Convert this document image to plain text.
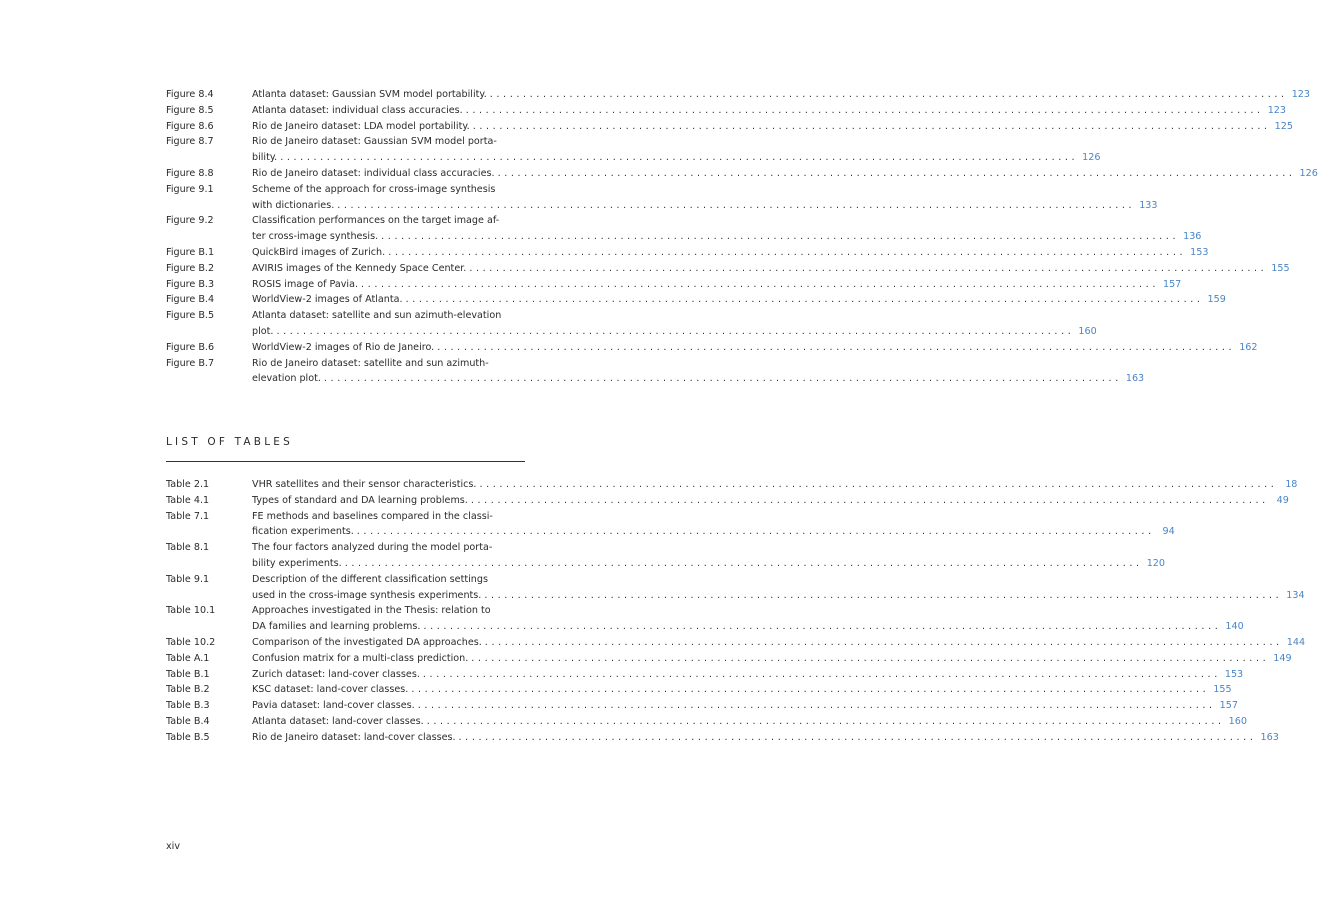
Figure 8.4	Atlanta dataset: Gaussian SVM model portability. ........................................................................................................................ 123
Figure 8.5	Atlanta dataset: individual class accuracies. ........................................................................................................................ 123
Figure 8.6	Rio de Janeiro dataset: LDA model portability. ........................................................................................................................ 125
Figure 8.7	Rio de Janeiro dataset: Gaussian SVM model porta-
bility. ........................................................................................................................ 126
Figure 8.8	Rio de Janeiro dataset: individual class accuracies. ........................................................................................................................ 126
Figure 9.1	Scheme of the approach for cross-image synthesis
with dictionaries. ........................................................................................................................ 133
Figure 9.2	Classification performances on the target image af-
ter cross-image synthesis. ........................................................................................................................ 136
Figure B.1	QuickBird images of Zurich. ........................................................................................................................ 153
Figure B.2	AVIRIS images of the Kennedy Space Center. ........................................................................................................................ 155
Figure B.3	ROSIS image of Pavia. ........................................................................................................................ 157
Figure B.4	WorldView-2 images of Atlanta. ........................................................................................................................ 159
Figure B.5	Atlanta dataset: satellite and sun azimuth-elevation
plot. ........................................................................................................................ 160
Figure B.6	WorldView-2 images of Rio de Janeiro. ........................................................................................................................ 162
Figure B.7	Rio de Janeiro dataset: satellite and sun azimuth-
elevation plot. ........................................................................................................................ 163
LIST OF TABLES
Table 2.1	VHR satellites and their sensor characteristics. ........................................................................................................................ 18
Table 4.1	Types of standard and DA learning problems. ........................................................................................................................ 49
Table 7.1	FE methods and baselines compared in the classi-
fication experiments. ........................................................................................................................ 94
Table 8.1	The four factors analyzed during the model porta-
bility experiments. ........................................................................................................................ 120
Table 9.1	Description of the different classification settings
used in the cross-image synthesis experiments. ........................................................................................................................ 134
Table 10.1	Approaches investigated in the Thesis: relation to
DA families and learning problems. ........................................................................................................................ 140
Table 10.2	Comparison of the investigated DA approaches. ........................................................................................................................ 144
Table A.1	Confusion matrix for a multi-class prediction. ........................................................................................................................ 149
Table B.1	Zurich dataset: land-cover classes. ........................................................................................................................ 153
Table B.2	KSC dataset: land-cover classes. ........................................................................................................................ 155
Table B.3	Pavia dataset: land-cover classes. ........................................................................................................................ 157
Table B.4	Atlanta dataset: land-cover classes. ........................................................................................................................ 160
Table B.5	Rio de Janeiro dataset: land-cover classes. ........................................................................................................................ 163
xiv
